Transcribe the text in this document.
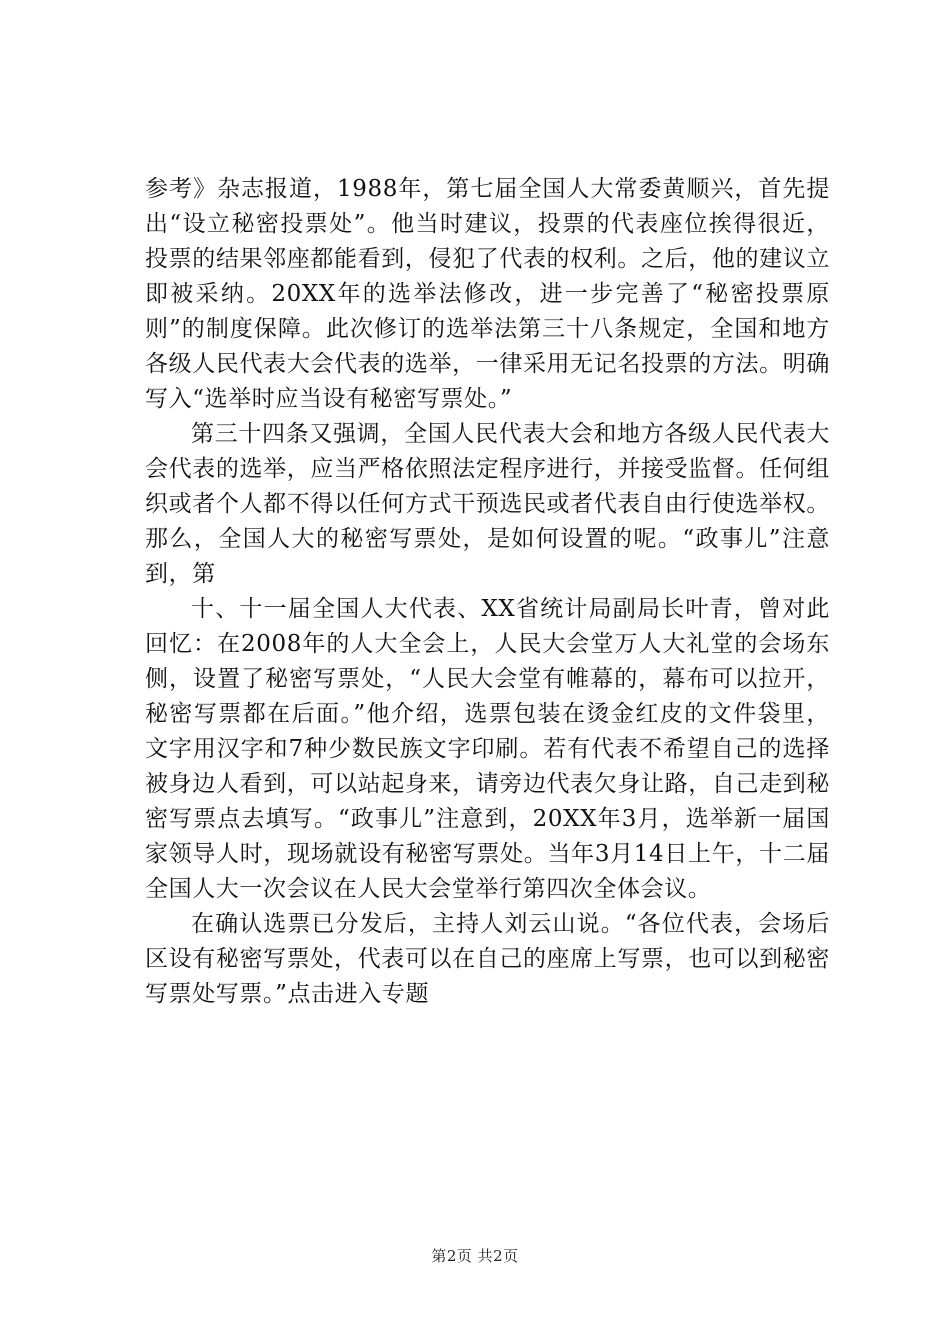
参考》杂志报道，1988年，第七届全国人大常委黄顺兴，首先提出“设立秘密投票处”。他当时建议，投票的代表座位挨得很近，投票的结果邻座都能看到，侵犯了代表的权利。之后，他的建议立即被采纳。20XX年的选举法修改，进一步完善了“秘密投票原则”的制度保障。此次修订的选举法第三十八条规定，全国和地方各级人民代表大会代表的选举，一律采用无记名投票的方法。明确写入“选举时应当设有秘密写票处。”

第三十四条又强调，全国人民代表大会和地方各级人民代表大会代表的选举，应当严格依照法定程序进行，并接受监督。任何组织或者个人都不得以任何方式干预选民或者代表自由行使选举权。那么，全国人大的秘密写票处，是如何设置的呢。“政事儿”注意到，第

十、十一届全国人大代表、XX省统计局副局长叶青，曾对此回忆：在2008年的人大全会上，人民大会堂万人大礼堂的会场东侧，设置了秘密写票处，“人民大会堂有帷幕的，幕布可以拉开，秘密写票都在后面。”他介绍，选票包装在烫金红皮的文件袋里，文字用汉字和7种少数民族文字印刷。若有代表不希望自己的选择被身边人看到，可以站起身来，请旁边代表欠身让路，自己走到秘密写票点去填写。“政事儿”注意到，20XX年3月，选举新一届国家领导人时，现场就设有秘密写票处。当年3月14日上午，十二届全国人大一次会议在人民大会堂举行第四次全体会议。

在确认选票已分发后，主持人刘云山说。“各位代表，会场后区设有秘密写票处，代表可以在自己的座席上写票，也可以到秘密写票处写票。”点击进入专题

第2页 共2页
